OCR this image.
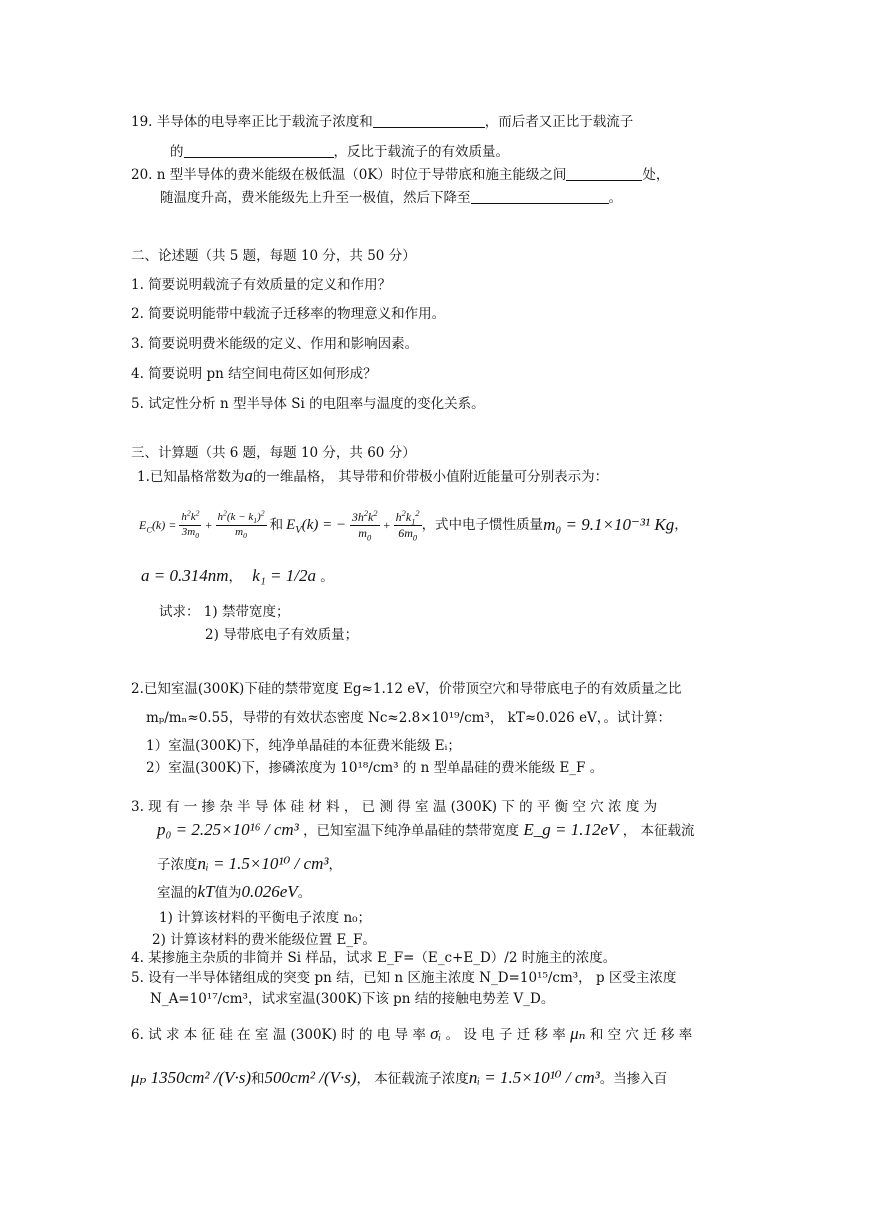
19. 半导体的电导率正比于载流子浓度和	，而后者又正比于载流子
的	，反比于载流子的有效质量。
20. n 型半导体的费米能级在极低温（0K）时位于导带底和施主能级之间	处，
随温度升高，费米能级先上升至一极值，然后下降至	。
二、论述题（共 5 题，每题 10 分，共 50 分）
1. 简要说明载流子有效质量的定义和作用？
2. 简要说明能带中载流子迁移率的物理意义和作用。
3. 简要说明费米能级的定义、作用和影响因素。
4. 简要说明 pn 结空间电荷区如何形成？
5. 试定性分析 n 型半导体 Si 的电阻率与温度的变化关系。
三、计算题（共 6 题，每题 10 分，共 60 分）
1.已知晶格常数为a的一维晶格， 其导带和价带极小值附近能量可分别表示为：
$E_C(k) = \frac{h^2k^2}{3m_0} + \frac{h^2(k - k_1)^2}{m_0}$ 和 $E_V(k)$ = − $\frac{3h^2k^2}{m_0} + \frac{h^2k_1^2}{6m_0}$ ，式中电子惯性质量 m₀ = 9.1×10⁻³¹ Kg ，
a = 0.314nm， k₁ = 1/2a 。
试求： 1) 禁带宽度；
2) 导带底电子有效质量；
2.已知室温(300K)下硅的禁带宽度 Eg≈1.12 eV，价带顶空穴和导带底电子的有效质量之比
mₚ/mₙ≈0.55，导带的有效状态密度 Nc≈2.8×10¹⁹/cm³， kT≈0.026 eV，。试计算：
1）室温(300K)下，纯净单晶硅的本征费米能级 Eᵢ；
2）室温(300K)下，掺磷浓度为 10¹⁸/cm³ 的 n 型单晶硅的费米能级 E_F 。
3. 现 有 一 掺 杂 半 导 体 硅 材 料 ， 已 测 得 室 温 (300K) 下 的 平 衡 空 穴 浓 度 为
p₀ = 2.25×10¹⁶ / cm³ ，已知室温下纯净单晶硅的禁带宽度 E_g = 1.12eV ， 本征载流
子浓度nᵢ = 1.5×10¹⁰ / cm³，
室温的kT值为0.026eV。
1) 计算该材料的平衡电子浓度 n₀；
2) 计算该材料的费米能级位置 E_F。
4. 某掺施主杂质的非简并 Si 样品，试求 E_F=（E_c+E_D）/2 时施主的浓度。
5. 设有一半导体锗组成的突变 pn 结，已知 n 区施主浓度 N_D=10¹⁵/cm³， p 区受主浓度
N_A=10¹⁷/cm³，试求室温(300K)下该 pn 结的接触电势差 V_D。
6. 试 求 本 征 硅 在 室 温 (300K) 时 的 电 导 率 σᵢ 。 设 电 子 迁 移 率 μₙ 和 空 穴 迁 移 率
μₚ 1350cm² /(V·s)和500cm² /(V·s)， 本征载流子浓度nᵢ = 1.5×10¹⁰ / cm³。当掺入百
